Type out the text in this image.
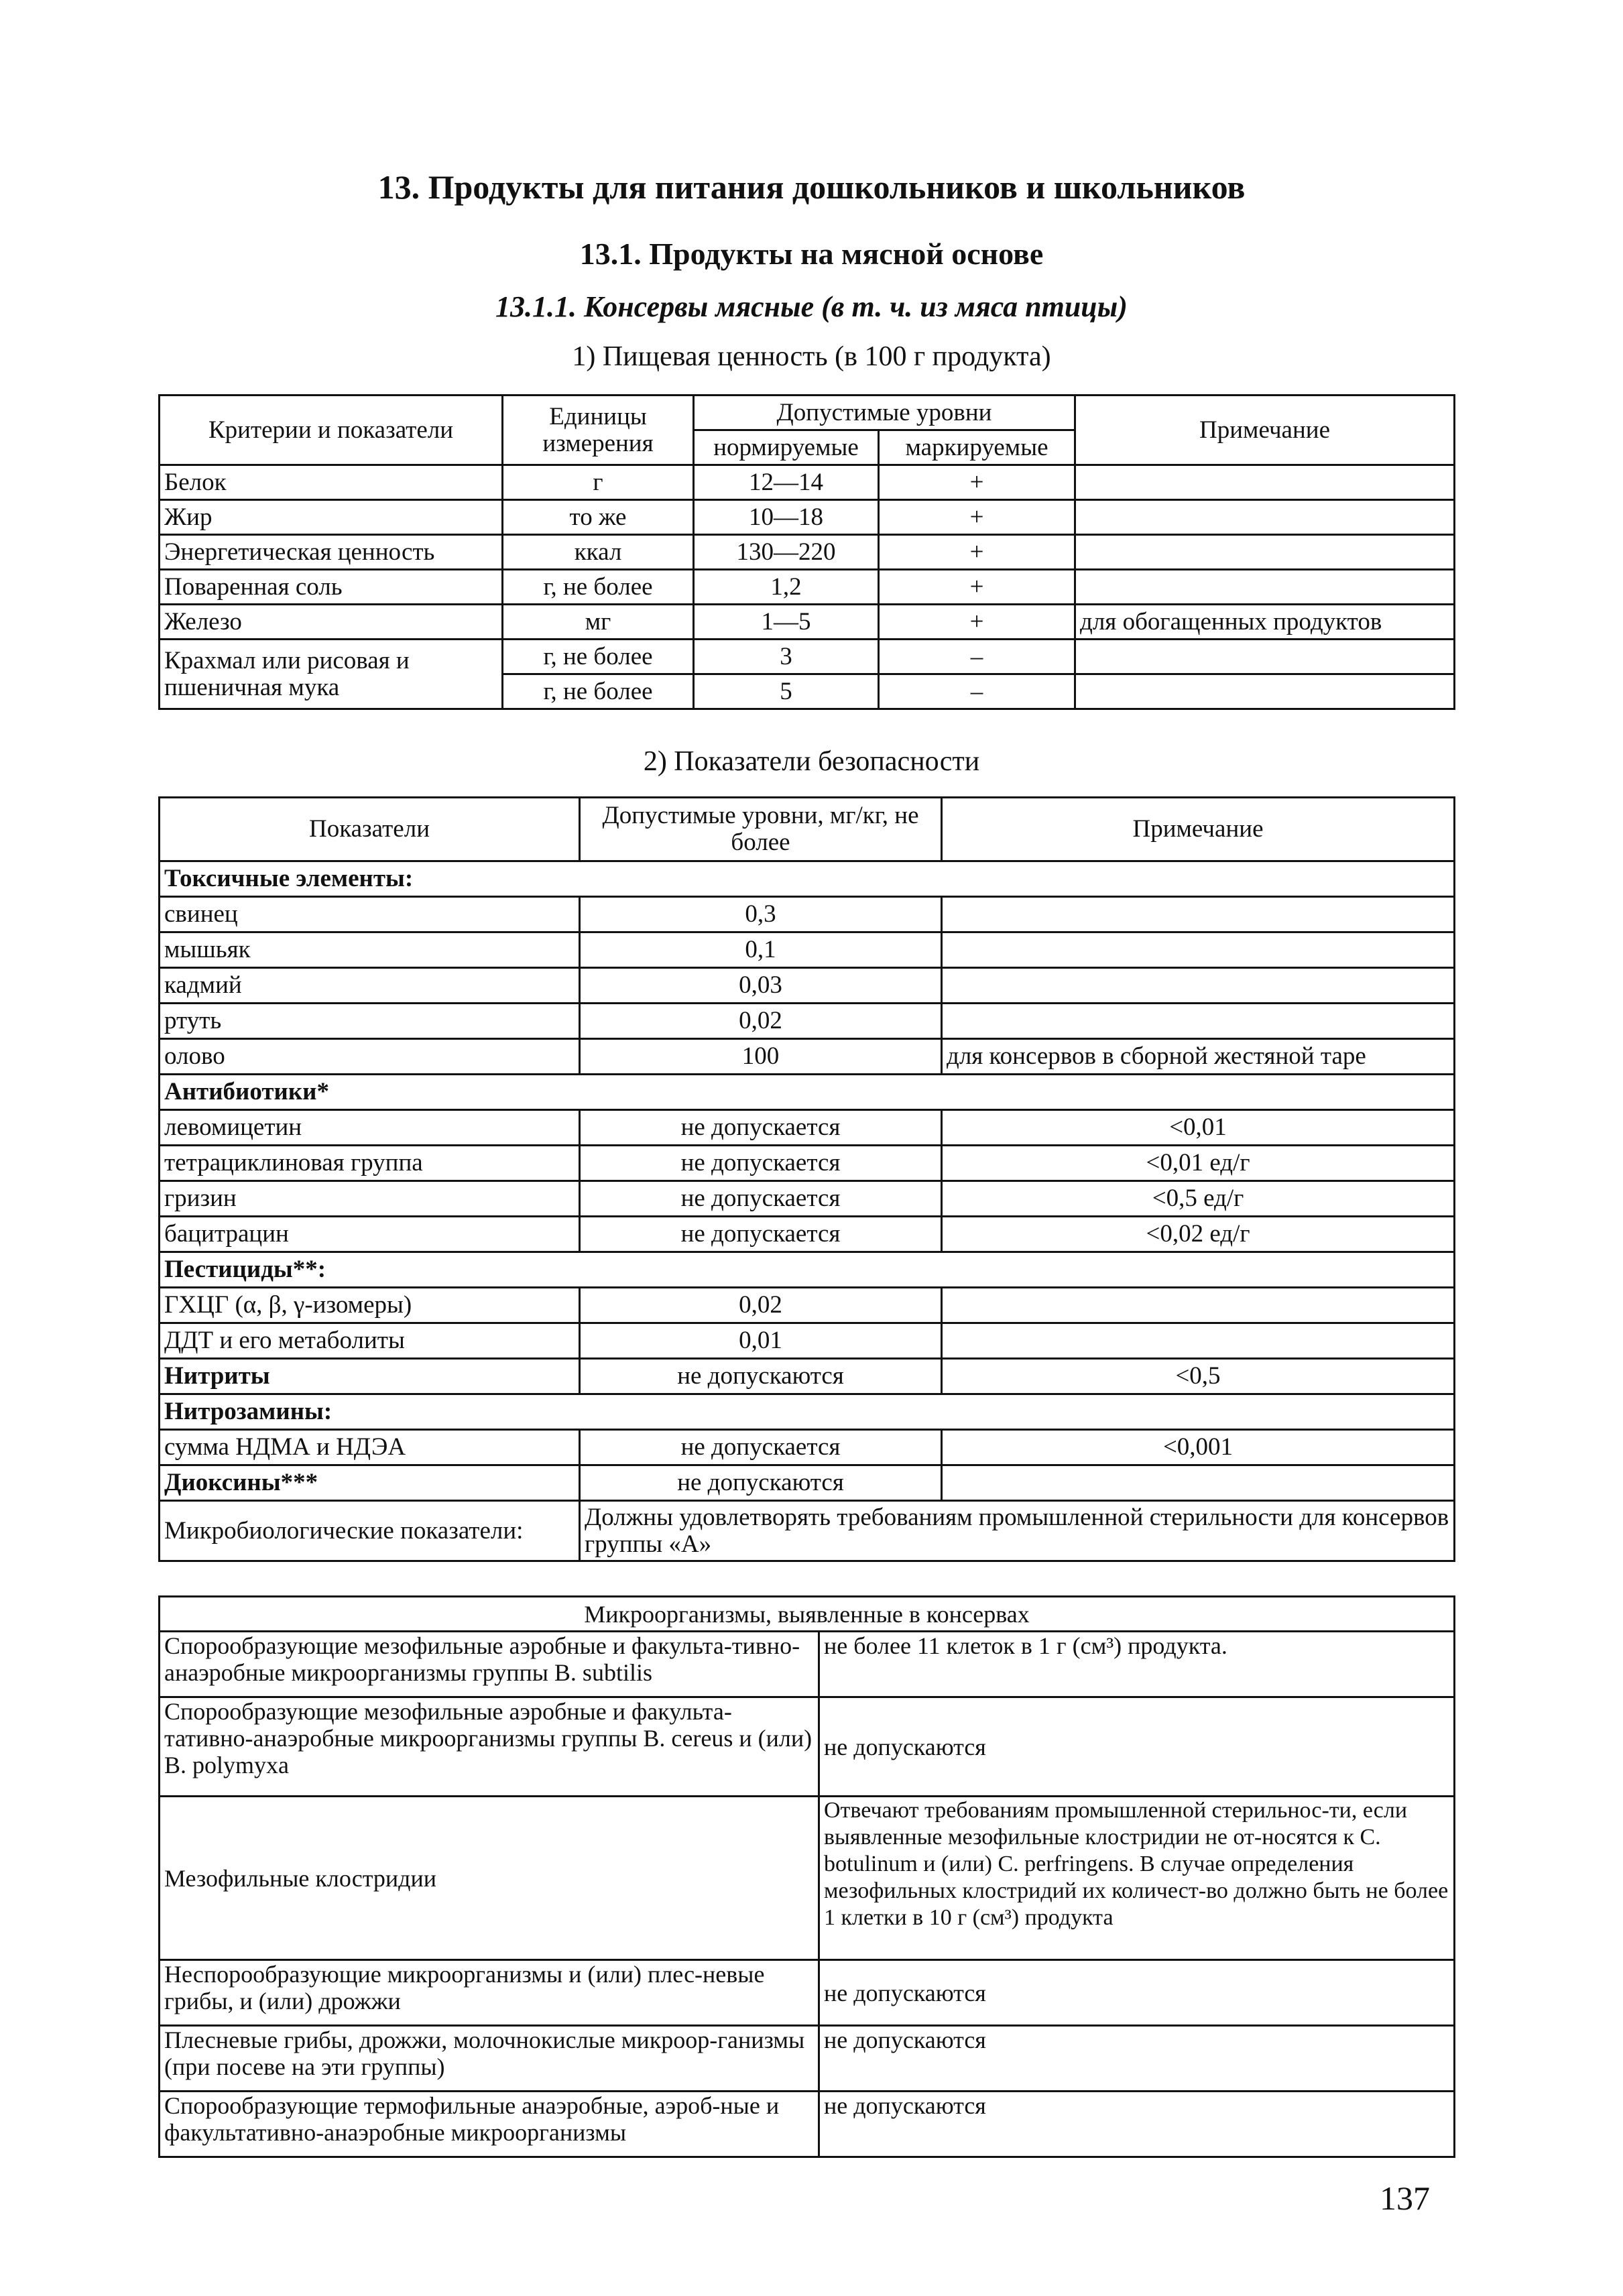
13. Продукты для питания дошкольников и школьников
13.1. Продукты на мясной основе
13.1.1. Консервы мясные (в т. ч. из мяса птицы)
1) Пищевая ценность (в 100 г продукта)
Критерии и показатели	Единицы измерения	Допустимые уровни		Примечание
		нормируемые	маркируемые	
Белок	г	12—14	+	
Жир	то же	10—18	+	
Энергетическая ценность	ккал	130—220	+	
Поваренная соль	г, не более	1,2	+	
Железо	мг	1—5	+	для обогащенных продуктов
Крахмал или рисовая и пшеничная мука	г, не более	3	–	
	г, не более	5	–	
2) Показатели безопасности
Показатели	Допустимые уровни, мг/кг, не более	Примечание
Токсичные элементы:		
свинец	0,3	
мышьяк	0,1	
кадмий	0,03	
ртуть	0,02	
олово	100	для консервов в сборной жестяной таре
Антибиотики*		
левомицетин	не допускается	<0,01
тетрациклиновая группа	не допускается	<0,01 ед/г
гризин	не допускается	<0,5 ед/г
бацитрацин	не допускается	<0,02 ед/г
Пестициды**:		
ГХЦГ (α, β, γ-изомеры)	0,02	
ДДТ и его метаболиты	0,01	
Нитриты	не допускаются	<0,5
Нитрозамины:		
сумма НДМА и НДЭА	не допускается	<0,001
Диоксины***	не допускаются	
Микробиологические показатели:	Должны удовлетворять требованиям промышленной стерильности для консервов группы «А»	
Микроорганизмы, выявленные в консервах	
Спорообразующие мезофильные аэробные и факульта-тивно-анаэробные микроорганизмы группы B. subtilis	не более 11 клеток в 1 г (см³) продукта.
Спорообразующие мезофильные аэробные и факульта-тативно-анаэробные микроорганизмы группы B. cereus и (или) B. polymyxa	не допускаются
Мезофильные клостридии	Отвечают требованиям промышленной стерильнос-ти, если выявленные мезофильные клостридии не от-носятся к C. botulinum и (или) C. perfringens. В случае определения мезофильных клостридий их количест-во должно быть не более 1 клетки в 10 г (см³) продукта
Неспорообразующие микроорганизмы и (или) плес-невые грибы, и (или) дрожжи	не допускаются
Плесневые грибы, дрожжи, молочнокислые микроор-ганизмы (при посеве на эти группы)	не допускаются
Спорообразующие термофильные анаэробные, аэроб-ные и факультативно-анаэробные микроорганизмы	не допускаются
137
